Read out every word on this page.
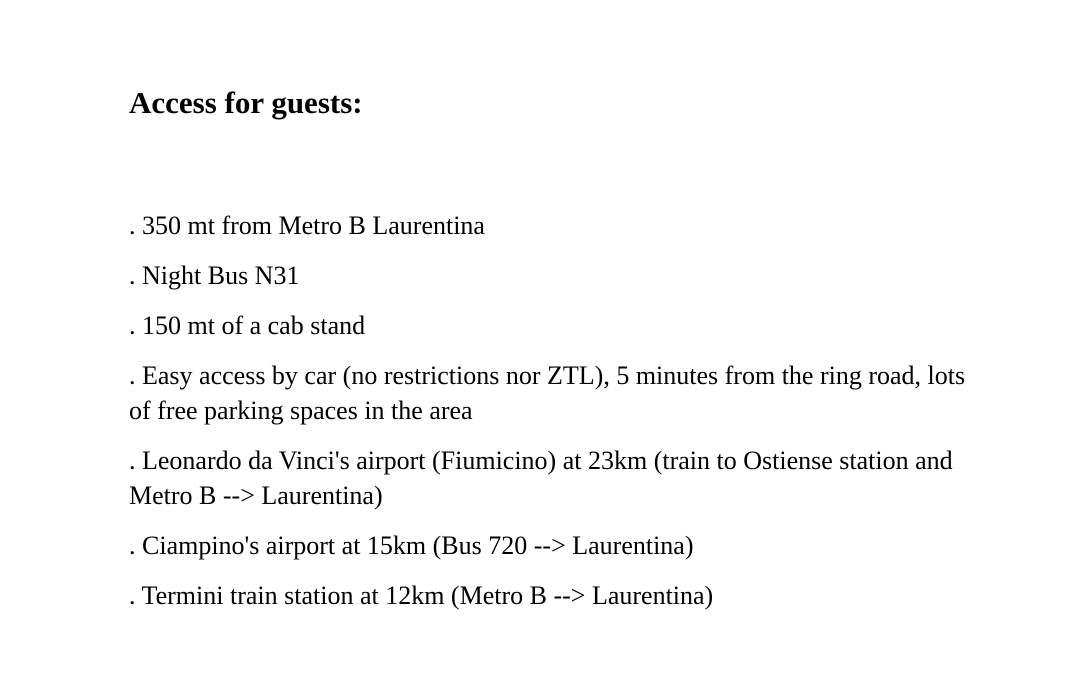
Access for guests:
. 350 mt from Metro B Laurentina
. Night Bus N31
. 150 mt of a cab stand
. Easy access by car (no restrictions nor ZTL), 5 minutes from the ring road, lots of free parking spaces in the area
. Leonardo da Vinci's airport (Fiumicino) at 23km (train to Ostiense station and Metro B --> Laurentina)
. Ciampino's airport at 15km (Bus 720 --> Laurentina)
. Termini train station at 12km (Metro B --> Laurentina)
